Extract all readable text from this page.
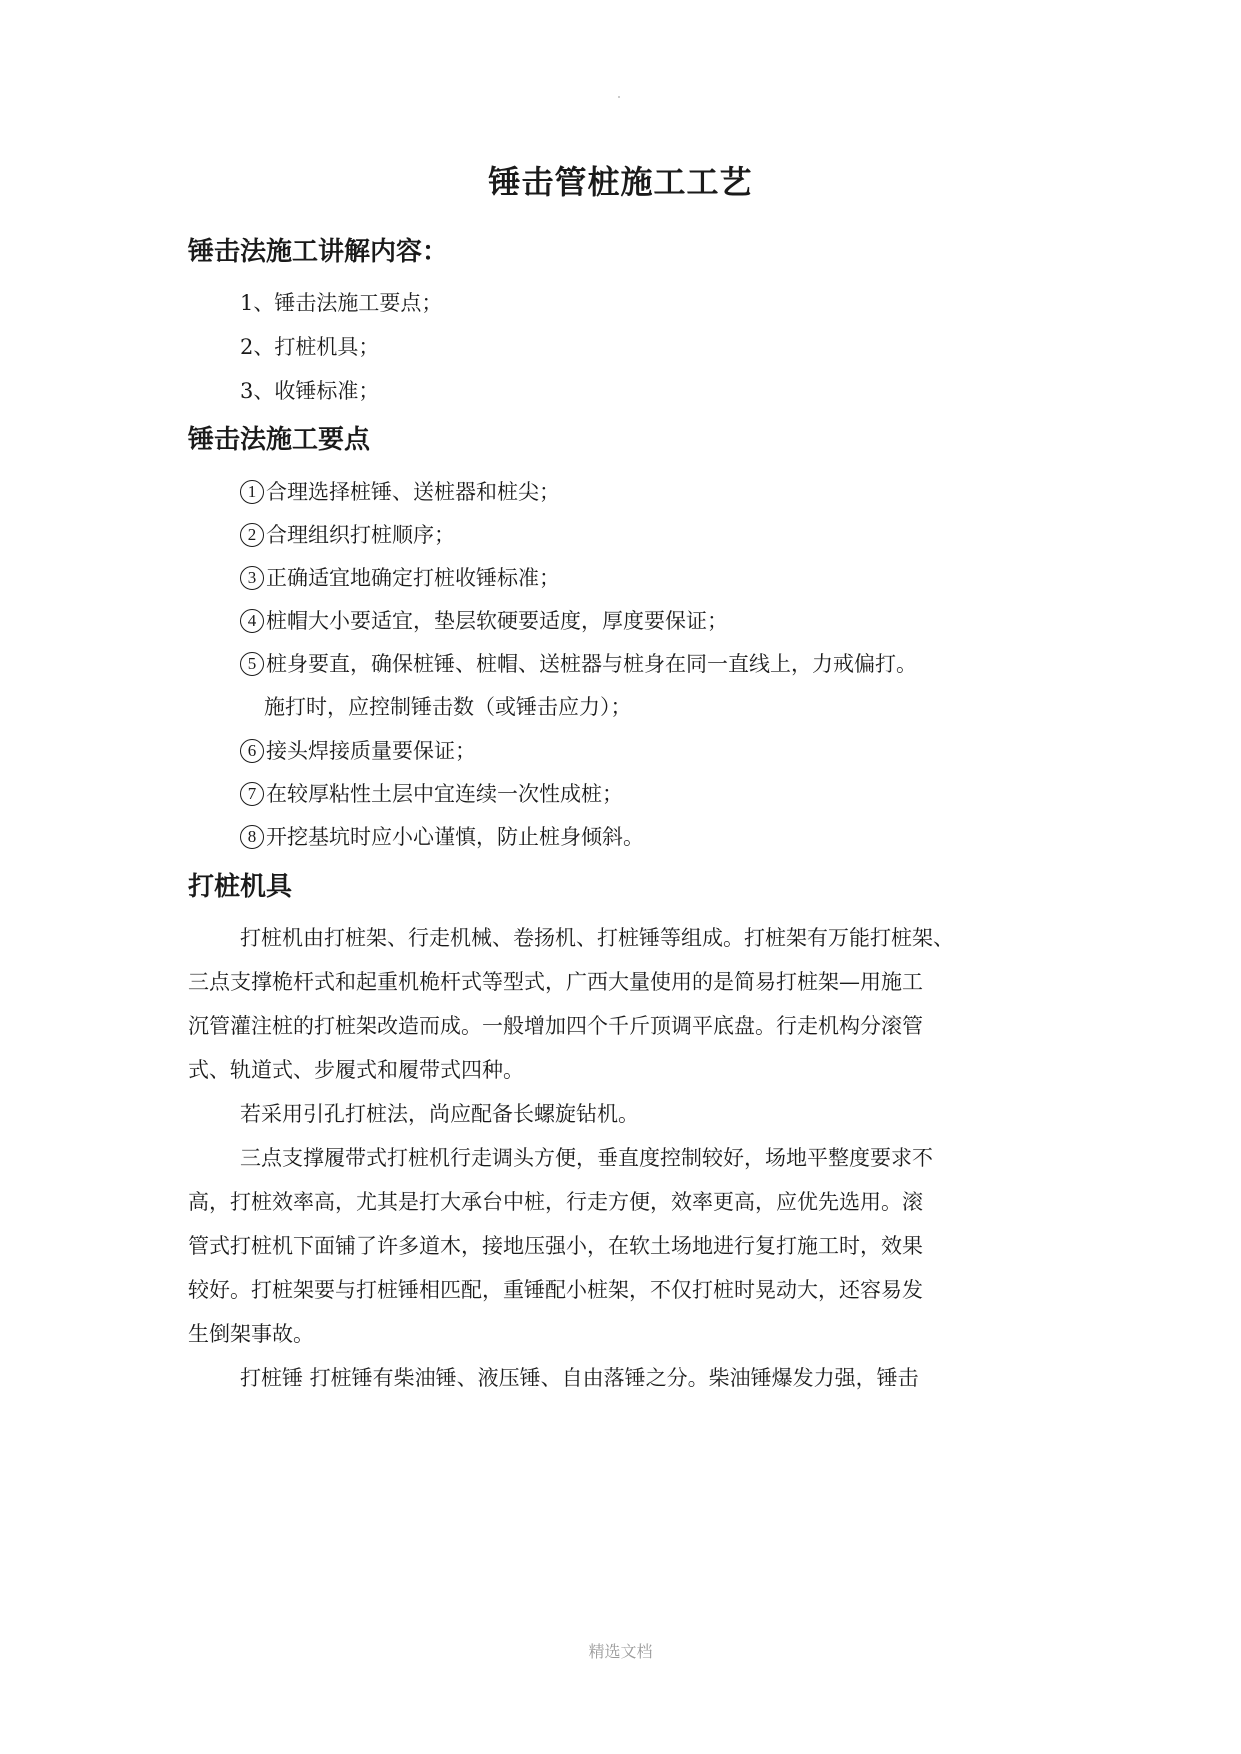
锤击管桩施工工艺
锤击法施工讲解内容：
1、锤击法施工要点；
2、打桩机具；
3、收锤标准；
锤击法施工要点
1 合理选择桩锤、送桩器和桩尖；
2 合理组织打桩顺序；
3 正确适宜地确定打桩收锤标准；
4 桩帽大小要适宜，垫层软硬要适度，厚度要保证；
5 桩身要直，确保桩锤、桩帽、送桩器与桩身在同一直线上，力戒偏打。
施打时，应控制锤击数（或锤击应力）；
6 接头焊接质量要保证；
7 在较厚粘性土层中宜连续一次性成桩；
8 开挖基坑时应小心谨慎，防止桩身倾斜。
打桩机具
打桩机由打桩架、行走机械、卷扬机、打桩锤等组成。打桩架有万能打桩架、
三点支撑桅杆式和起重机桅杆式等型式，广西大量使用的是简易打桩架—用施工
沉管灌注桩的打桩架改造而成。一般增加四个千斤顶调平底盘。行走机构分滚管
式、轨道式、步履式和履带式四种。
若采用引孔打桩法，尚应配备长螺旋钻机。
三点支撑履带式打桩机行走调头方便，垂直度控制较好，场地平整度要求不
高，打桩效率高，尤其是打大承台中桩，行走方便，效率更高，应优先选用。滚
管式打桩机下面铺了许多道木，接地压强小，在软土场地进行复打施工时，效果
较好。打桩架要与打桩锤相匹配，重锤配小桩架，不仅打桩时晃动大，还容易发
生倒架事故。
打桩锤 打桩锤有柴油锤、液压锤、自由落锤之分。柴油锤爆发力强，锤击
精选文档
